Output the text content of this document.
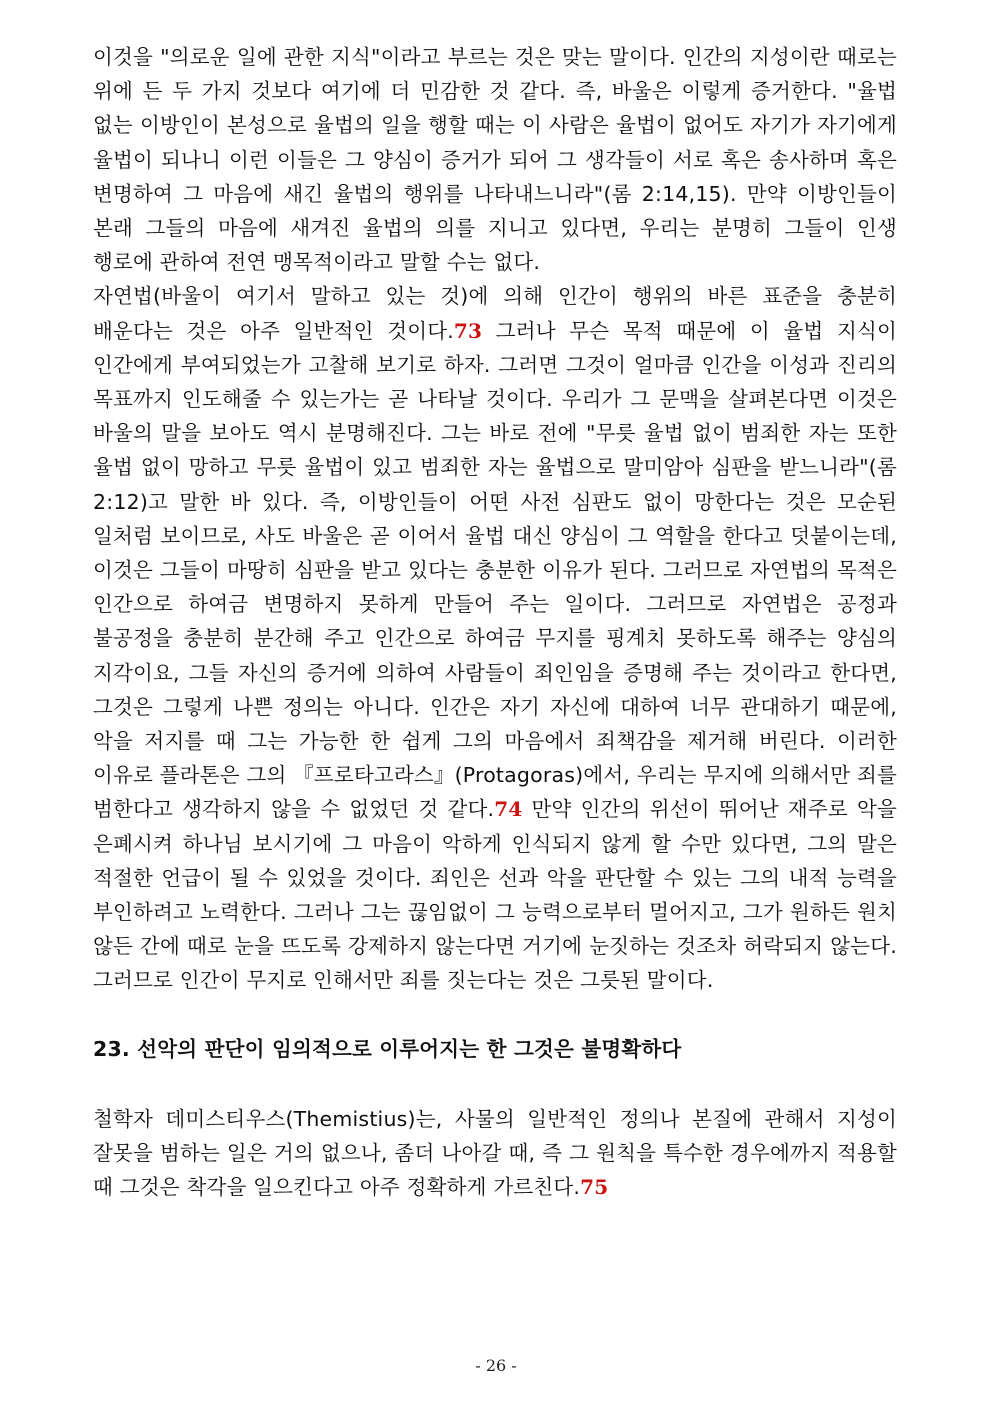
이것을 "의로운 일에 관한 지식"이라고 부르는 것은 맞는 말이다. 인간의 지성이란 때로는 위에 든 두 가지 것보다 여기에 더 민감한 것 같다. 즉, 바울은 이렇게 증거한다. "율법 없는 이방인이 본성으로 율법의 일을 행할 때는 이 사람은 율법이 없어도 자기가 자기에게 율법이 되나니 이런 이들은 그 양심이 증거가 되어 그 생각들이 서로 혹은 송사하며 혹은 변명하여 그 마음에 새긴 율법의 행위를 나타내느니라"(롬 2:14,15). 만약 이방인들이 본래 그들의 마음에 새겨진 율법의 의를 지니고 있다면, 우리는 분명히 그들이 인생 행로에 관하여 전연 맹목적이라고 말할 수는 없다.

자연법(바울이 여기서 말하고 있는 것)에 의해 인간이 행위의 바른 표준을 충분히 배운다는 것은 아주 일반적인 것이다.73 그러나 무슨 목적 때문에 이 율법 지식이 인간에게 부여되었는가 고찰해 보기로 하자. 그러면 그것이 얼마큼 인간을 이성과 진리의 목표까지 인도해줄 수 있는가는 곧 나타날 것이다. 우리가 그 문맥을 살펴본다면 이것은 바울의 말을 보아도 역시 분명해진다. 그는 바로 전에 "무릇 율법 없이 범죄한 자는 또한 율법 없이 망하고 무릇 율법이 있고 범죄한 자는 율법으로 말미암아 심판을 받느니라"(롬 2:12)고 말한 바 있다. 즉, 이방인들이 어떤 사전 심판도 없이 망한다는 것은 모순된 일처럼 보이므로, 사도 바울은 곧 이어서 율법 대신 양심이 그 역할을 한다고 덧붙이는데, 이것은 그들이 마땅히 심판을 받고 있다는 충분한 이유가 된다. 그러므로 자연법의 목적은 인간으로 하여금 변명하지 못하게 만들어 주는 일이다. 그러므로 자연법은 공정과 불공정을 충분히 분간해 주고 인간으로 하여금 무지를 핑계치 못하도록 해주는 양심의 지각이요, 그들 자신의 증거에 의하여 사람들이 죄인임을 증명해 주는 것이라고 한다면, 그것은 그렇게 나쁜 정의는 아니다. 인간은 자기 자신에 대하여 너무 관대하기 때문에, 악을 저지를 때 그는 가능한 한 쉽게 그의 마음에서 죄책감을 제거해 버린다. 이러한 이유로 플라톤은 그의 『프로타고라스』(Protagoras)에서, 우리는 무지에 의해서만 죄를 범한다고 생각하지 않을 수 없었던 것 같다.74 만약 인간의 위선이 뛰어난 재주로 악을 은폐시켜 하나님 보시기에 그 마음이 악하게 인식되지 않게 할 수만 있다면, 그의 말은 적절한 언급이 될 수 있었을 것이다. 죄인은 선과 악을 판단할 수 있는 그의 내적 능력을 부인하려고 노력한다. 그러나 그는 끊임없이 그 능력으로부터 멀어지고, 그가 원하든 원치 않든 간에 때로 눈을 뜨도록 강제하지 않는다면 거기에 눈짓하는 것조차 허락되지 않는다. 그러므로 인간이 무지로 인해서만 죄를 짓는다는 것은 그릇된 말이다.

23. 선악의 판단이 임의적으로 이루어지는 한 그것은 불명확하다

철학자 데미스티우스(Themistius)는, 사물의 일반적인 정의나 본질에 관해서 지성이 잘못을 범하는 일은 거의 없으나, 좀더 나아갈 때, 즉 그 원칙을 특수한 경우에까지 적용할 때 그것은 착각을 일으킨다고 아주 정확하게 가르친다.75

- 26 -
